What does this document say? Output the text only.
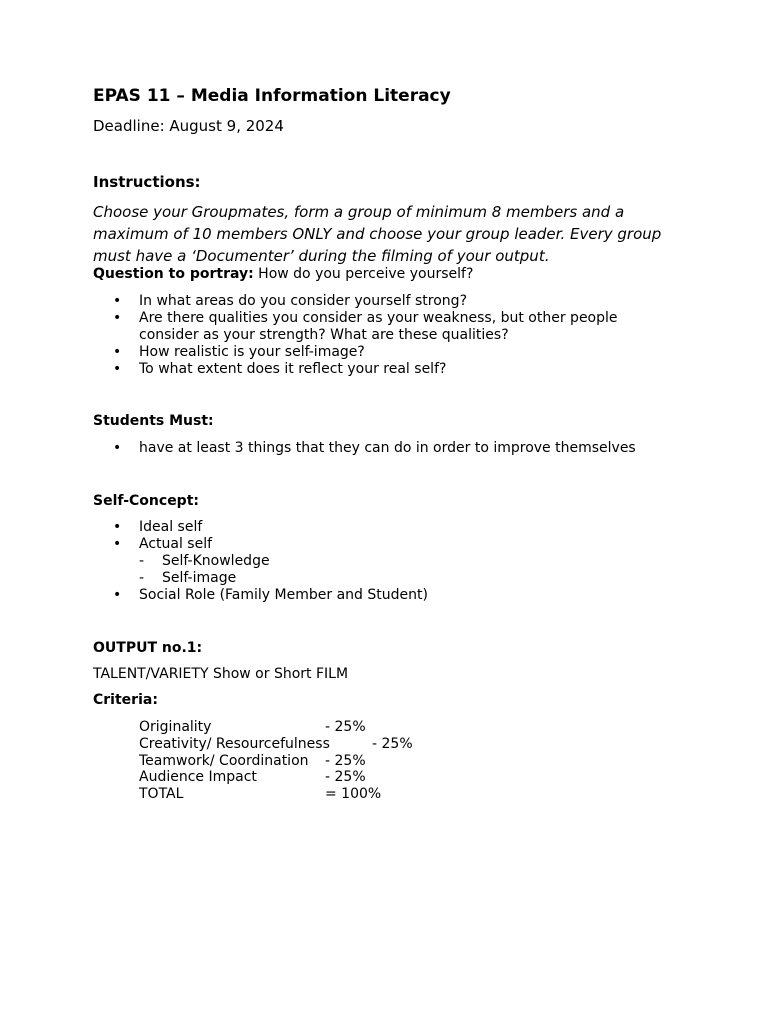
EPAS 11 – Media Information Literacy
Deadline: August 9, 2024
Instructions:
Choose your Groupmates, form a group of minimum 8 members and a maximum of 10 members ONLY and choose your group leader. Every group must have a ‘Documenter’ during the filming of your output.
Question to portray: How do you perceive yourself?
• In what areas do you consider yourself strong?
• Are there qualities you consider as your weakness, but other people consider as your strength? What are these qualities?
• How realistic is your self-image?
• To what extent does it reflect your real self?
Students Must:
• have at least 3 things that they can do in order to improve themselves
Self-Concept:
• Ideal self
• Actual self
- Self-Knowledge
- Self-image
• Social Role (Family Member and Student)
OUTPUT no.1:
TALENT/VARIETY Show or Short FILM
Criteria:
Originality	- 25%
Creativity/ Resourcefulness	- 25%
Teamwork/ Coordination - 25%
Audience Impact	- 25%
TOTAL	= 100%
